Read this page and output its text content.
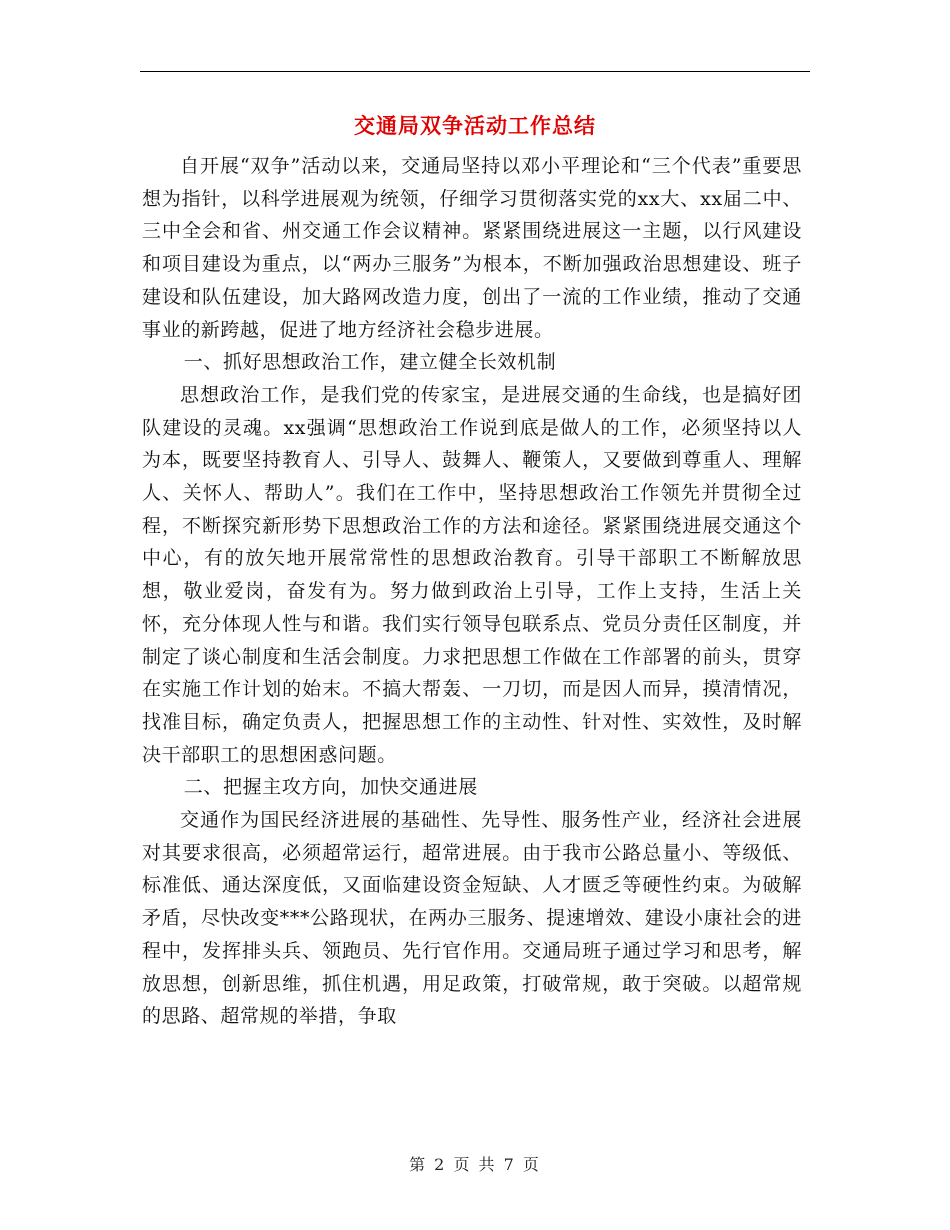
交通局双争活动工作总结

自开展“双争”活动以来，交通局坚持以邓小平理论和“三个代表”重要思想为指针，以科学进展观为统领，仔细学习贯彻落实党的xx大、xx届二中、三中全会和省、州交通工作会议精神。紧紧围绕进展这一主题，以行风建设和项目建设为重点，以“两办三服务”为根本，不断加强政治思想建设、班子建设和队伍建设，加大路网改造力度，创出了一流的工作业绩，推动了交通事业的新跨越，促进了地方经济社会稳步进展。

一、抓好思想政治工作，建立健全长效机制

思想政治工作，是我们党的传家宝，是进展交通的生命线，也是搞好团队建设的灵魂。xx强调“思想政治工作说到底是做人的工作，必须坚持以人为本，既要坚持教育人、引导人、鼓舞人、鞭策人，又要做到尊重人、理解人、关怀人、帮助人”。我们在工作中，坚持思想政治工作领先并贯彻全过程，不断探究新形势下思想政治工作的方法和途径。紧紧围绕进展交通这个中心，有的放矢地开展常常性的思想政治教育。引导干部职工不断解放思想，敬业爱岗，奋发有为。努力做到政治上引导，工作上支持，生活上关怀，充分体现人性与和谐。我们实行领导包联系点、党员分责任区制度，并制定了谈心制度和生活会制度。力求把思想工作做在工作部署的前头，贯穿在实施工作计划的始末。不搞大帮轰、一刀切，而是因人而异，摸清情况，找准目标，确定负责人，把握思想工作的主动性、针对性、实效性，及时解决干部职工的思想困惑问题。

二、把握主攻方向，加快交通进展

交通作为国民经济进展的基础性、先导性、服务性产业，经济社会进展对其要求很高，必须超常运行，超常进展。由于我市公路总量小、等级低、标准低、通达深度低，又面临建设资金短缺、人才匮乏等硬性约束。为破解矛盾，尽快改变***公路现状，在两办三服务、提速增效、建设小康社会的进程中，发挥排头兵、领跑员、先行官作用。交通局班子通过学习和思考，解放思想，创新思维，抓住机遇，用足政策，打破常规，敢于突破。以超常规的思路、超常规的举措，争取

第 2 页 共 7 页
